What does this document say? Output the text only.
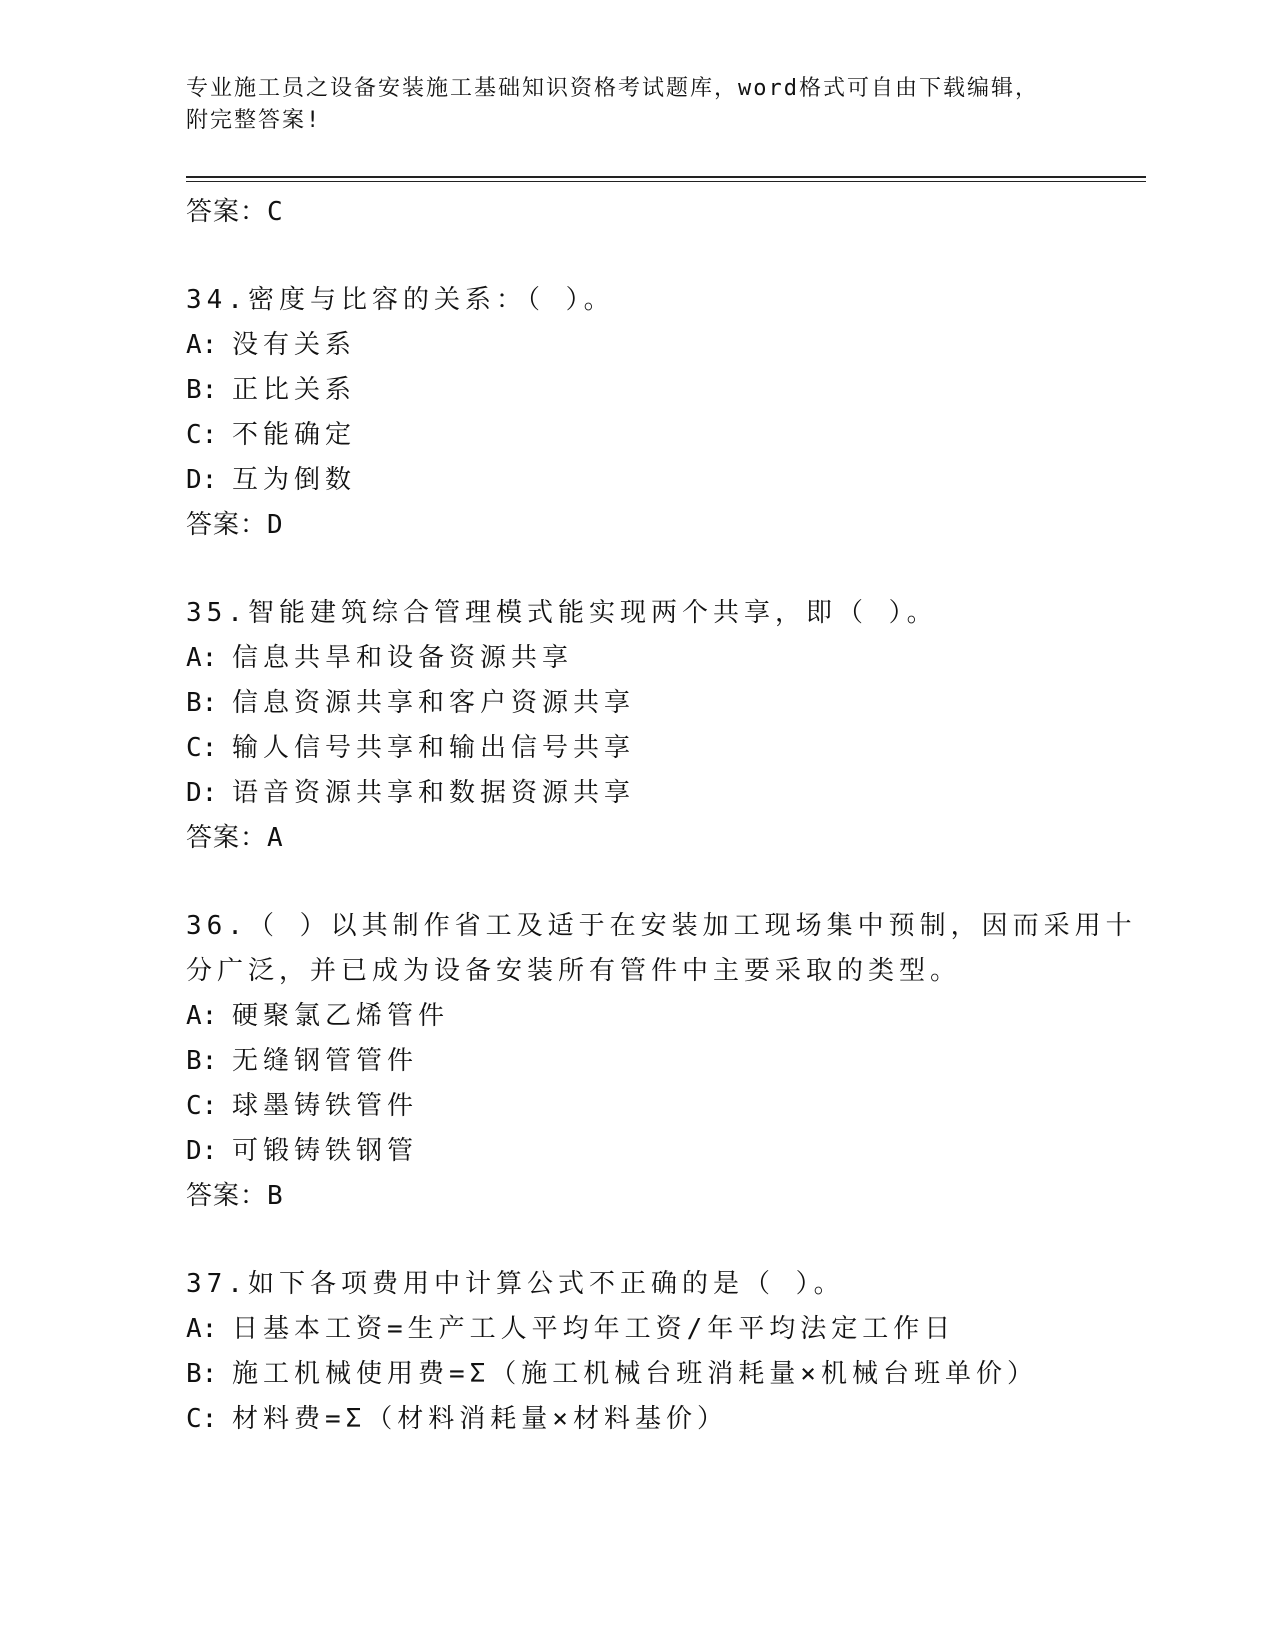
专业施工员之设备安装施工基础知识资格考试题库，word格式可自由下载编辑，
附完整答案!
答案：C
34.密度与比容的关系：（ ）。
A: 没有关系
B: 正比关系
C: 不能确定
D: 互为倒数
答案：D
35.智能建筑综合管理模式能实现两个共享，即（ ）。
A: 信息共旱和设备资源共享
B: 信息资源共享和客户资源共享
C: 输人信号共享和输出信号共享
D: 语音资源共享和数据资源共享
答案：A
36.（ ）以其制作省工及适于在安装加工现场集中预制，因而采用十
分广泛，并已成为设备安装所有管件中主要采取的类型。
A: 硬聚氯乙烯管件
B: 无缝钢管管件
C: 球墨铸铁管件
D: 可锻铸铁钢管
答案：B
37.如下各项费用中计算公式不正确的是（ ）。
A: 日基本工资=生产工人平均年工资/年平均法定工作日
B: 施工机械使用费=Σ（施工机械台班消耗量×机械台班单价）
C: 材料费=Σ（材料消耗量×材料基价）
